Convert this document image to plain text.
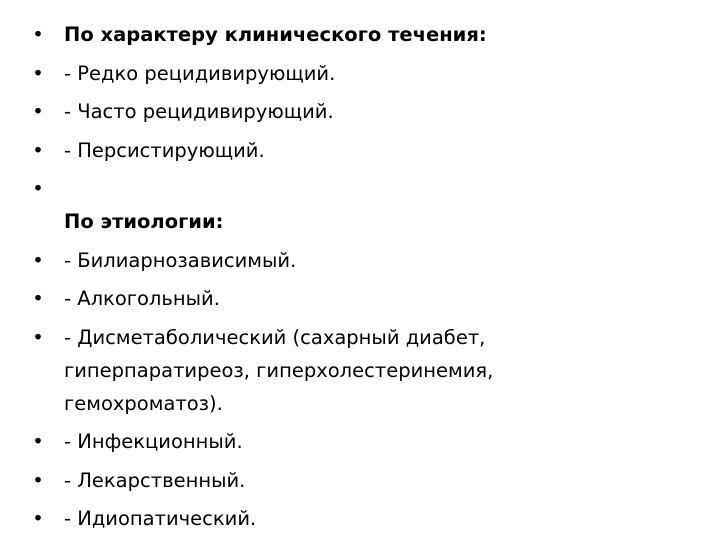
• По характеру клинического течения:
• - Редко рецидивирующий.
• - Часто рецидивирующий.
• - Персистирующий.
•
По этиологии:
• - Билиарнозависимый.
• - Алкогольный.
• - Дисметаболический (сахарный диабет, гиперпаратиреоз, гиперхолестеринемия, гемохроматоз).
• - Инфекционный.
• - Лекарственный.
• - Идиопатический.
